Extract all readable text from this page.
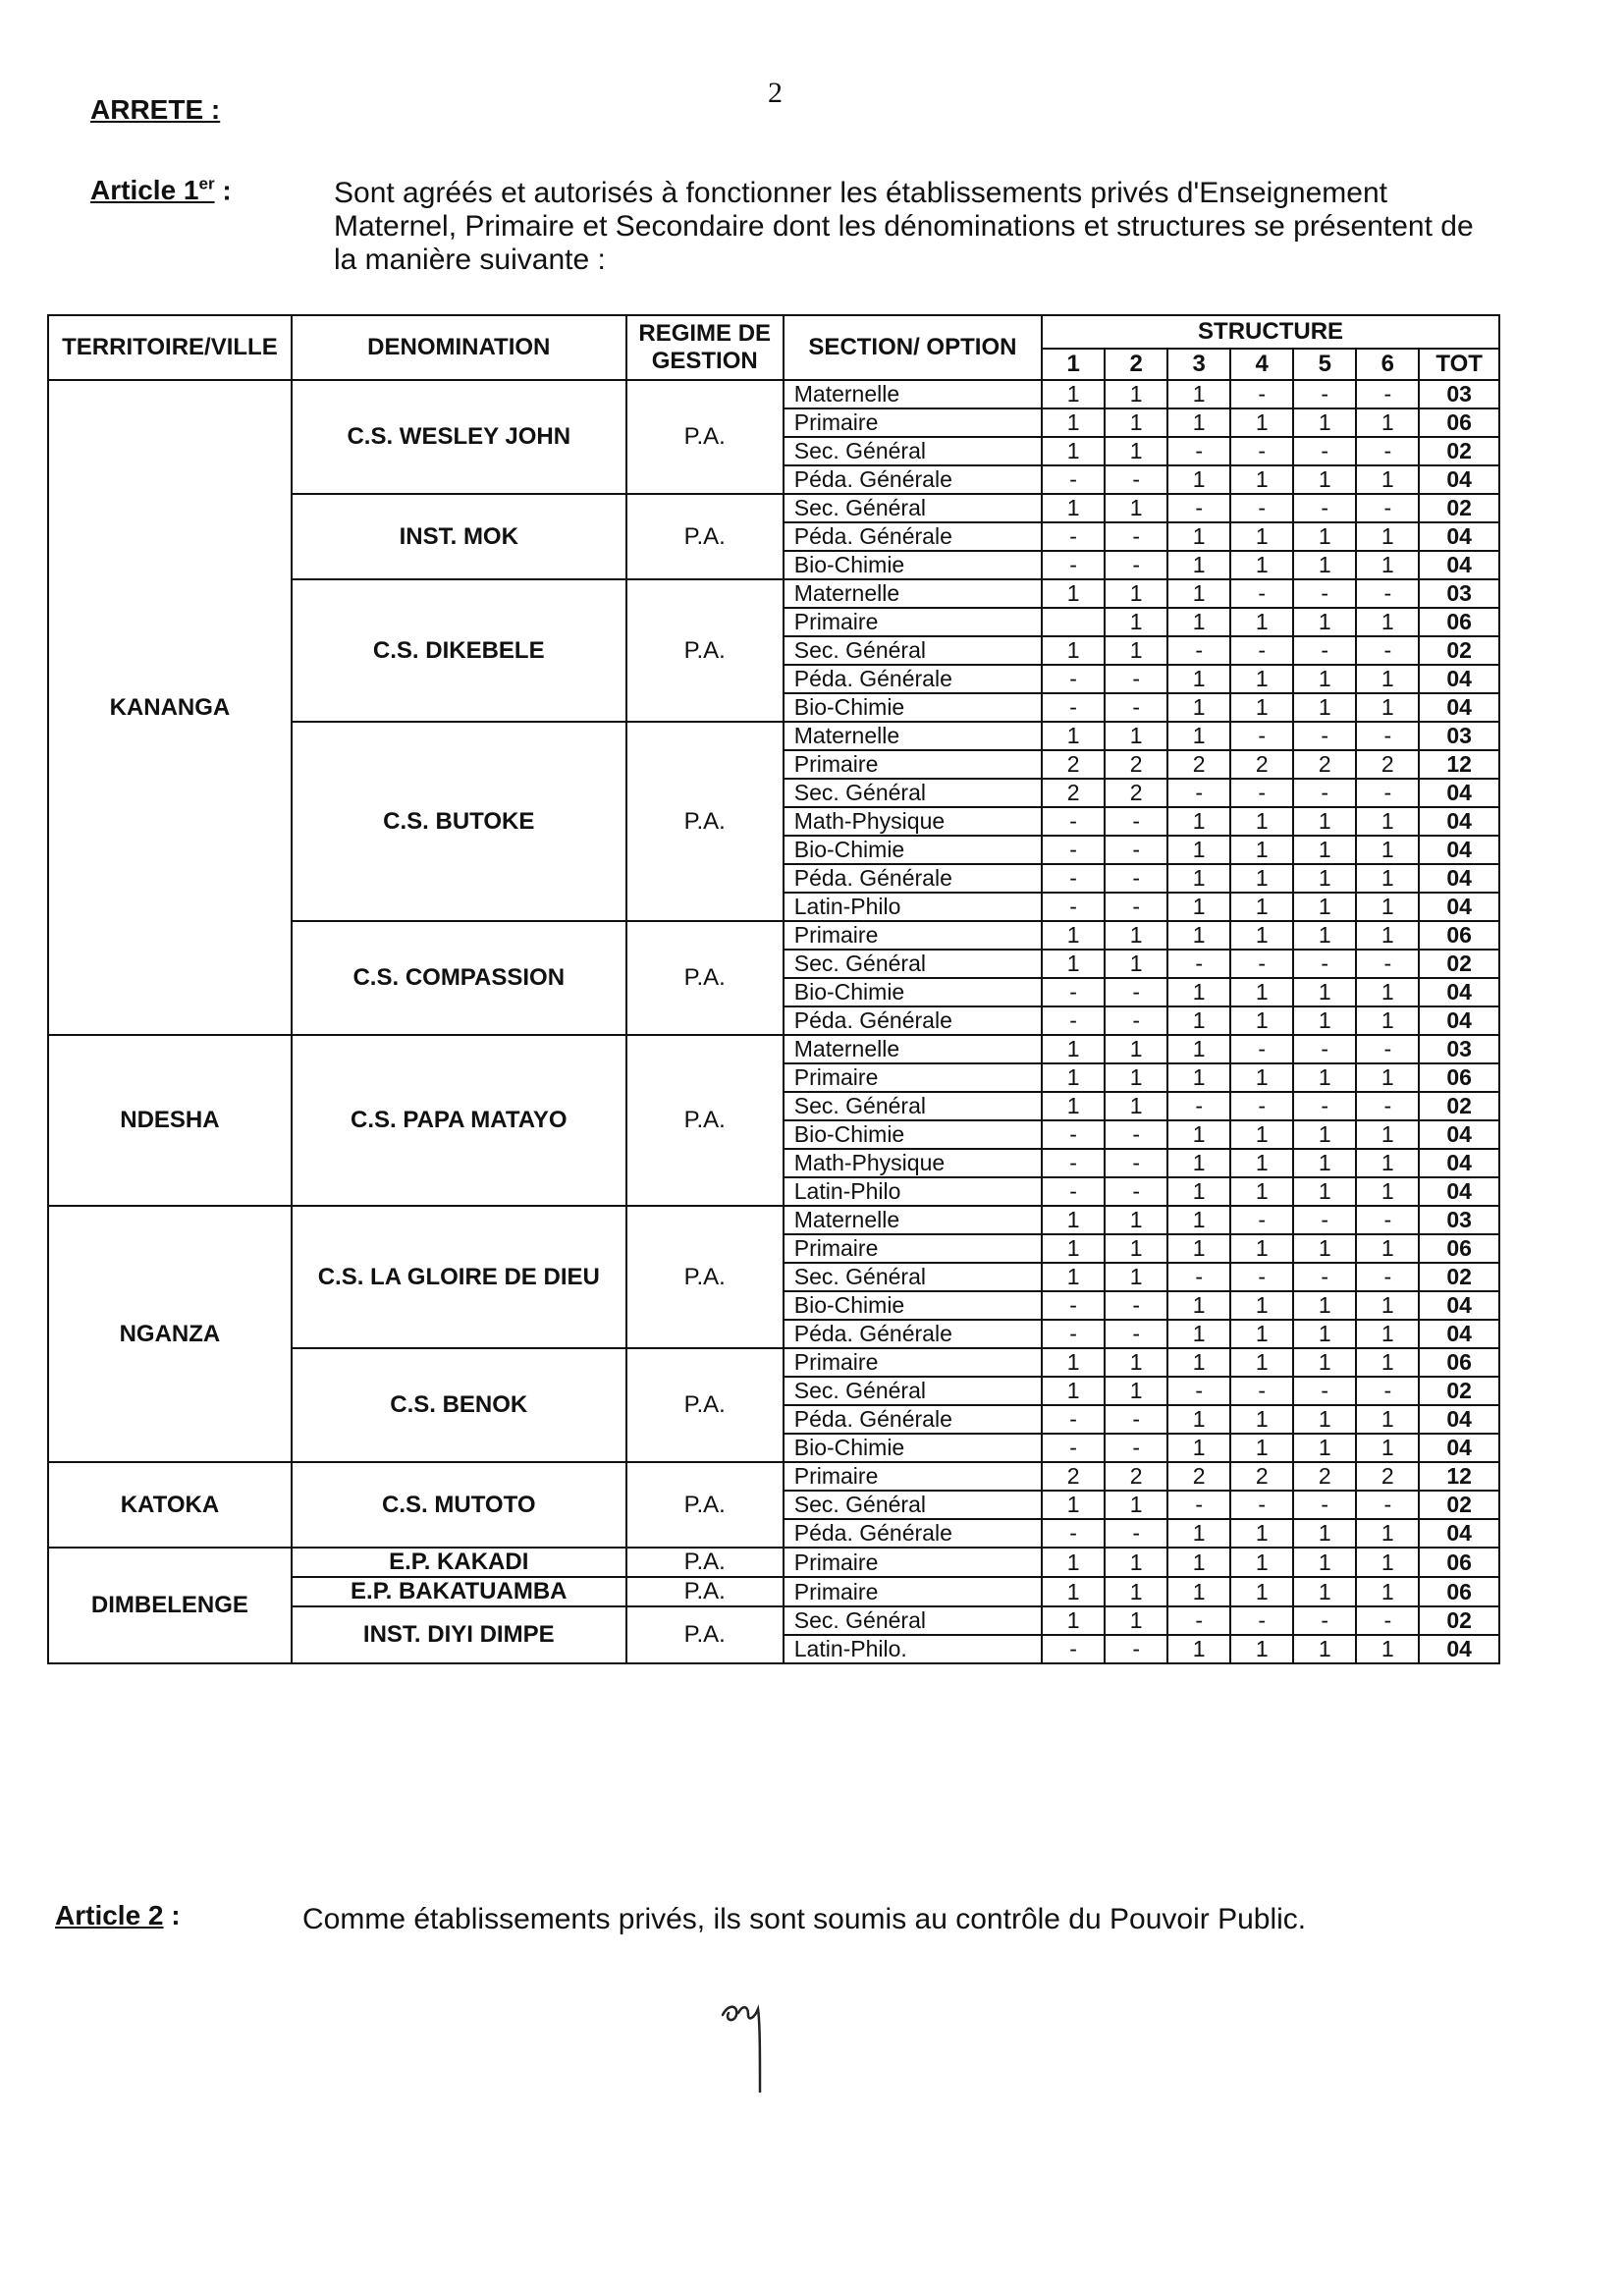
2
ARRETE :
Article 1er :	Sont agréés et autorisés à fonctionner les établissements privés d'Enseignement Maternel, Primaire et Secondaire dont les dénominations et structures se présentent de la manière suivante :
TERRITOIRE/VILLE	DENOMINATION	REGIME DE GESTION	SECTION/ OPTION	STRUCTURE						
				1	2	3	4	5	6	TOT
KANANGA	C.S. WESLEY JOHN	P.A.	Maternelle	1	1	1	-	-	-	03
			Primaire	1	1	1	1	1	1	06
			Sec. Général	1	1	-	-	-	-	02
			Péda. Générale	-	-	1	1	1	1	04
	INST. MOK	P.A.	Sec. Général	1	1	-	-	-	-	02
			Péda. Générale	-	-	1	1	1	1	04
			Bio-Chimie	-	-	1	1	1	1	04
	C.S. DIKEBELE	P.A.	Maternelle	1	1	1	-	-	-	03
			Primaire		1	1	1	1	1	06
			Sec. Général	1	1	-	-	-	-	02
			Péda. Générale	-	-	1	1	1	1	04
			Bio-Chimie	-	-	1	1	1	1	04
	C.S. BUTOKE	P.A.	Maternelle	1	1	1	-	-	-	03
			Primaire	2	2	2	2	2	2	12
			Sec. Général	2	2	-	-	-	-	04
			Math-Physique	-	-	1	1	1	1	04
			Bio-Chimie	-	-	1	1	1	1	04
			Péda. Générale	-	-	1	1	1	1	04
			Latin-Philo	-	-	1	1	1	1	04
	C.S. COMPASSION	P.A.	Primaire	1	1	1	1	1	1	06
			Sec. Général	1	1	-	-	-	-	02
			Bio-Chimie	-	-	1	1	1	1	04
			Péda. Générale	-	-	1	1	1	1	04
NDESHA	C.S. PAPA MATAYO	P.A.	Maternelle	1	1	1	-	-	-	03
			Primaire	1	1	1	1	1	1	06
			Sec. Général	1	1	-	-	-	-	02
			Bio-Chimie	-	-	1	1	1	1	04
			Math-Physique	-	-	1	1	1	1	04
			Latin-Philo	-	-	1	1	1	1	04
NGANZA	C.S. LA GLOIRE DE DIEU	P.A.	Maternelle	1	1	1	-	-	-	03
			Primaire	1	1	1	1	1	1	06
			Sec. Général	1	1	-	-	-	-	02
			Bio-Chimie	-	-	1	1	1	1	04
			Péda. Générale	-	-	1	1	1	1	04
	C.S. BENOK	P.A.	Primaire	1	1	1	1	1	1	06
			Sec. Général	1	1	-	-	-	-	02
			Péda. Générale	-	-	1	1	1	1	04
			Bio-Chimie	-	-	1	1	1	1	04
KATOKA	C.S. MUTOTO	P.A.	Primaire	2	2	2	2	2	2	12
			Sec. Général	1	1	-	-	-	-	02
			Péda. Générale	-	-	1	1	1	1	04
DIMBELENGE	E.P. KAKADI	P.A.	Primaire	1	1	1	1	1	1	06
	E.P. BAKATUAMBA	P.A.	Primaire	1	1	1	1	1	1	06
	INST. DIYI DIMPE	P.A.	Sec. Général	1	1	-	-	-	-	02
			Latin-Philo.	-	-	1	1	1	1	04
Article 2 :	Comme établissements privés, ils sont soumis au contrôle du Pouvoir Public.
